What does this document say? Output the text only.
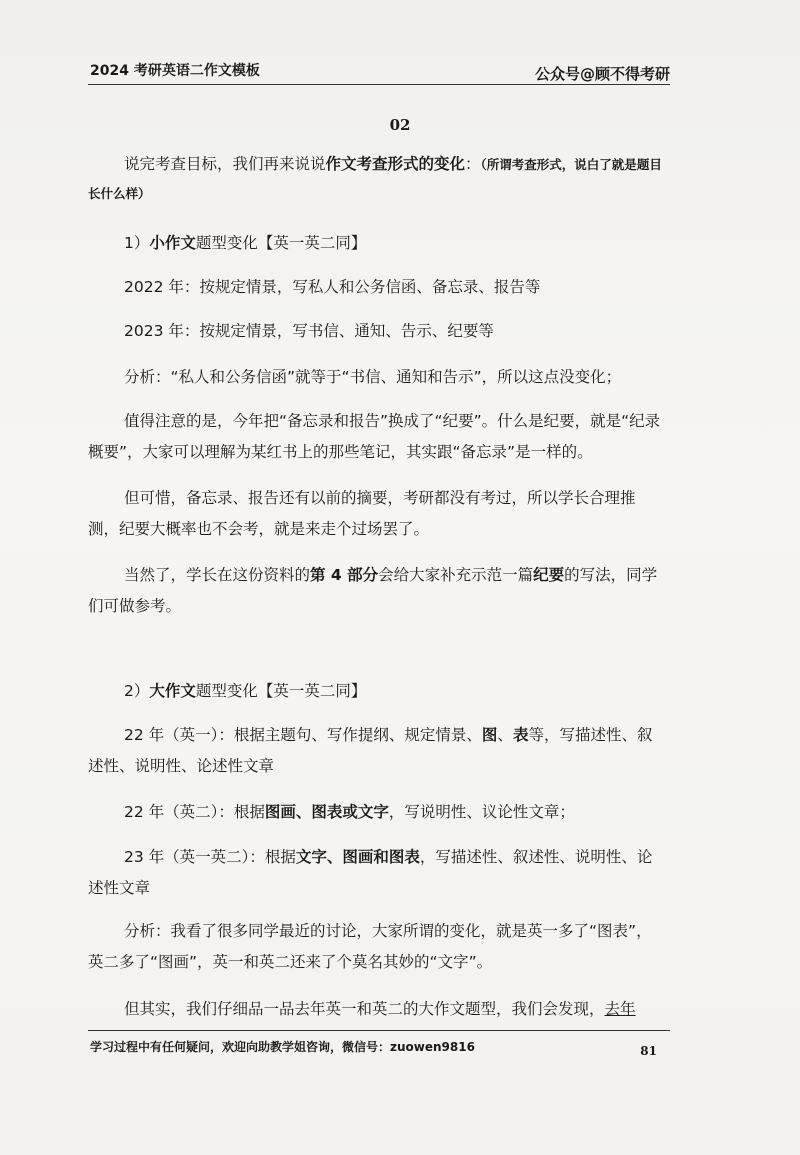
2024 考研英语二作文模板	公众号@顾不得考研
02

说完考查目标，我们再来说说作文考查形式的变化：（所谓考查形式，说白了就是题目长什么样）

1）小作文题型变化【英一英二同】

2022 年：按规定情景，写私人和公务信函、备忘录、报告等

2023 年：按规定情景，写书信、通知、告示、纪要等

分析：“私人和公务信函”就等于“书信、通知和告示”，所以这点没变化；

值得注意的是，今年把“备忘录和报告”换成了“纪要”。什么是纪要，就是“纪录概要”，大家可以理解为某红书上的那些笔记，其实跟“备忘录”是一样的。

但可惜，备忘录、报告还有以前的摘要，考研都没有考过，所以学长合理推测，纪要大概率也不会考，就是来走个过场罢了。

当然了，学长在这份资料的第 4 部分会给大家补充示范一篇纪要的写法，同学们可做参考。

2）大作文题型变化【英一英二同】

22 年（英一）：根据主题句、写作提纲、规定情景、图、表等，写描述性、叙述性、说明性、论述性文章

22 年（英二）：根据图画、图表或文字，写说明性、议论性文章；

23 年（英一英二）：根据文字、图画和图表，写描述性、叙述性、说明性、论述性文章

分析：我看了很多同学最近的讨论，大家所谓的变化，就是英一多了“图表”，英二多了“图画”，英一和英二还来了个莫名其妙的“文字”。

但其实，我们仔细品一品去年英一和英二的大作文题型，我们会发现，去年

学习过程中有任何疑问，欢迎向助教学姐咨询，微信号：zuowen9816	81
